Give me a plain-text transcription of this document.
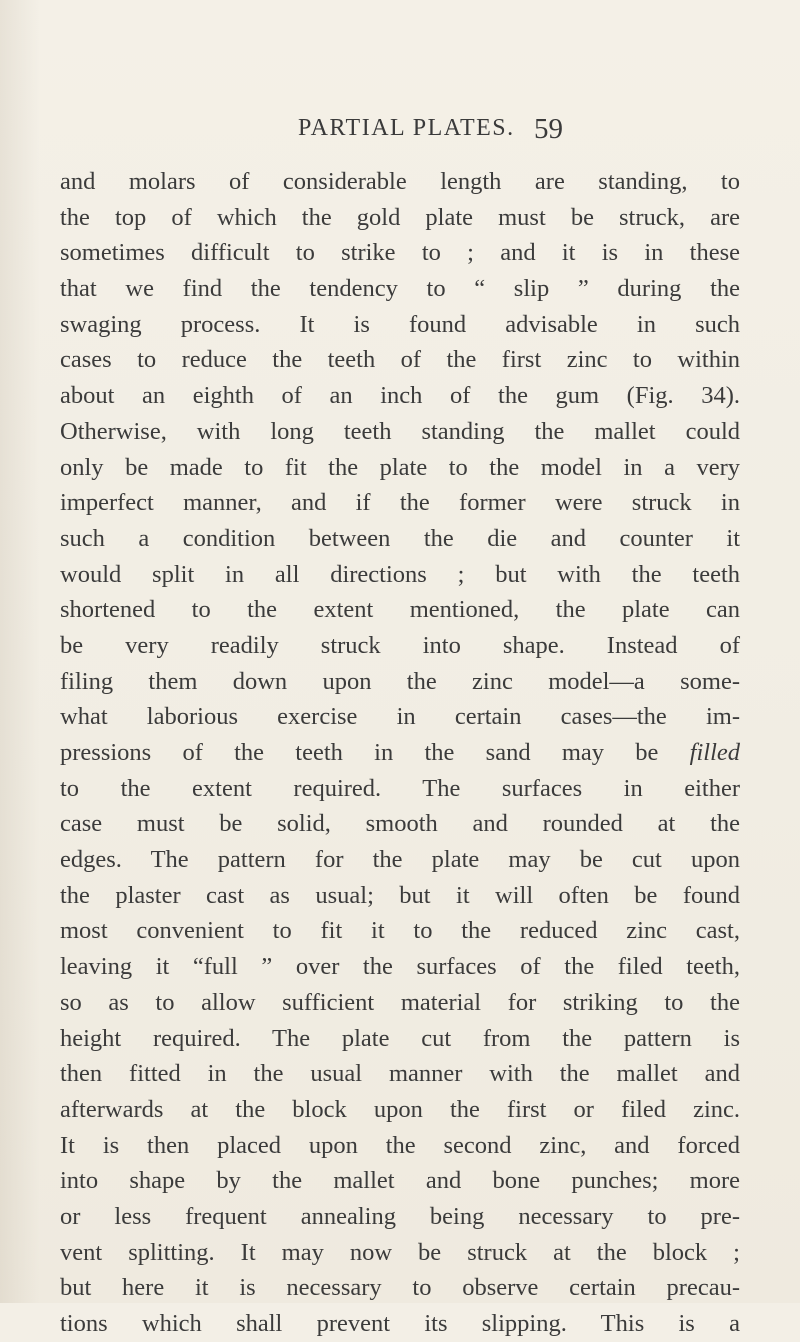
PARTIAL PLATES. 59
and molars of considerable length are standing, to
the top of which the gold plate must be struck, are
sometimes difficult to strike to ; and it is in these
that we find the tendency to “ slip ” during the
swaging process. It is found advisable in such
cases to reduce the teeth of the first zinc to within
about an eighth of an inch of the gum (Fig. 34).
Otherwise, with long teeth standing the mallet could
only be made to fit the plate to the model in a very
imperfect manner, and if the former were struck in
such a condition between the die and counter it
would split in all directions ; but with the teeth
shortened to the extent mentioned, the plate can
be very readily struck into shape. Instead of
filing them down upon the zinc model—a some-
what laborious exercise in certain cases—the im-
pressions of the teeth in the sand may be filled
to the extent required. The surfaces in either
case must be solid, smooth and rounded at the
edges. The pattern for the plate may be cut upon
the plaster cast as usual; but it will often be found
most convenient to fit it to the reduced zinc cast,
leaving it “full ” over the surfaces of the filed teeth,
so as to allow sufficient material for striking to the
height required. The plate cut from the pattern is
then fitted in the usual manner with the mallet and
afterwards at the block upon the first or filed zinc.
It is then placed upon the second zinc, and forced
into shape by the mallet and bone punches; more
or less frequent annealing being necessary to pre-
vent splitting. It may now be struck at the block ;
but here it is necessary to observe certain precau-
tions which shall prevent its slipping. This is a
